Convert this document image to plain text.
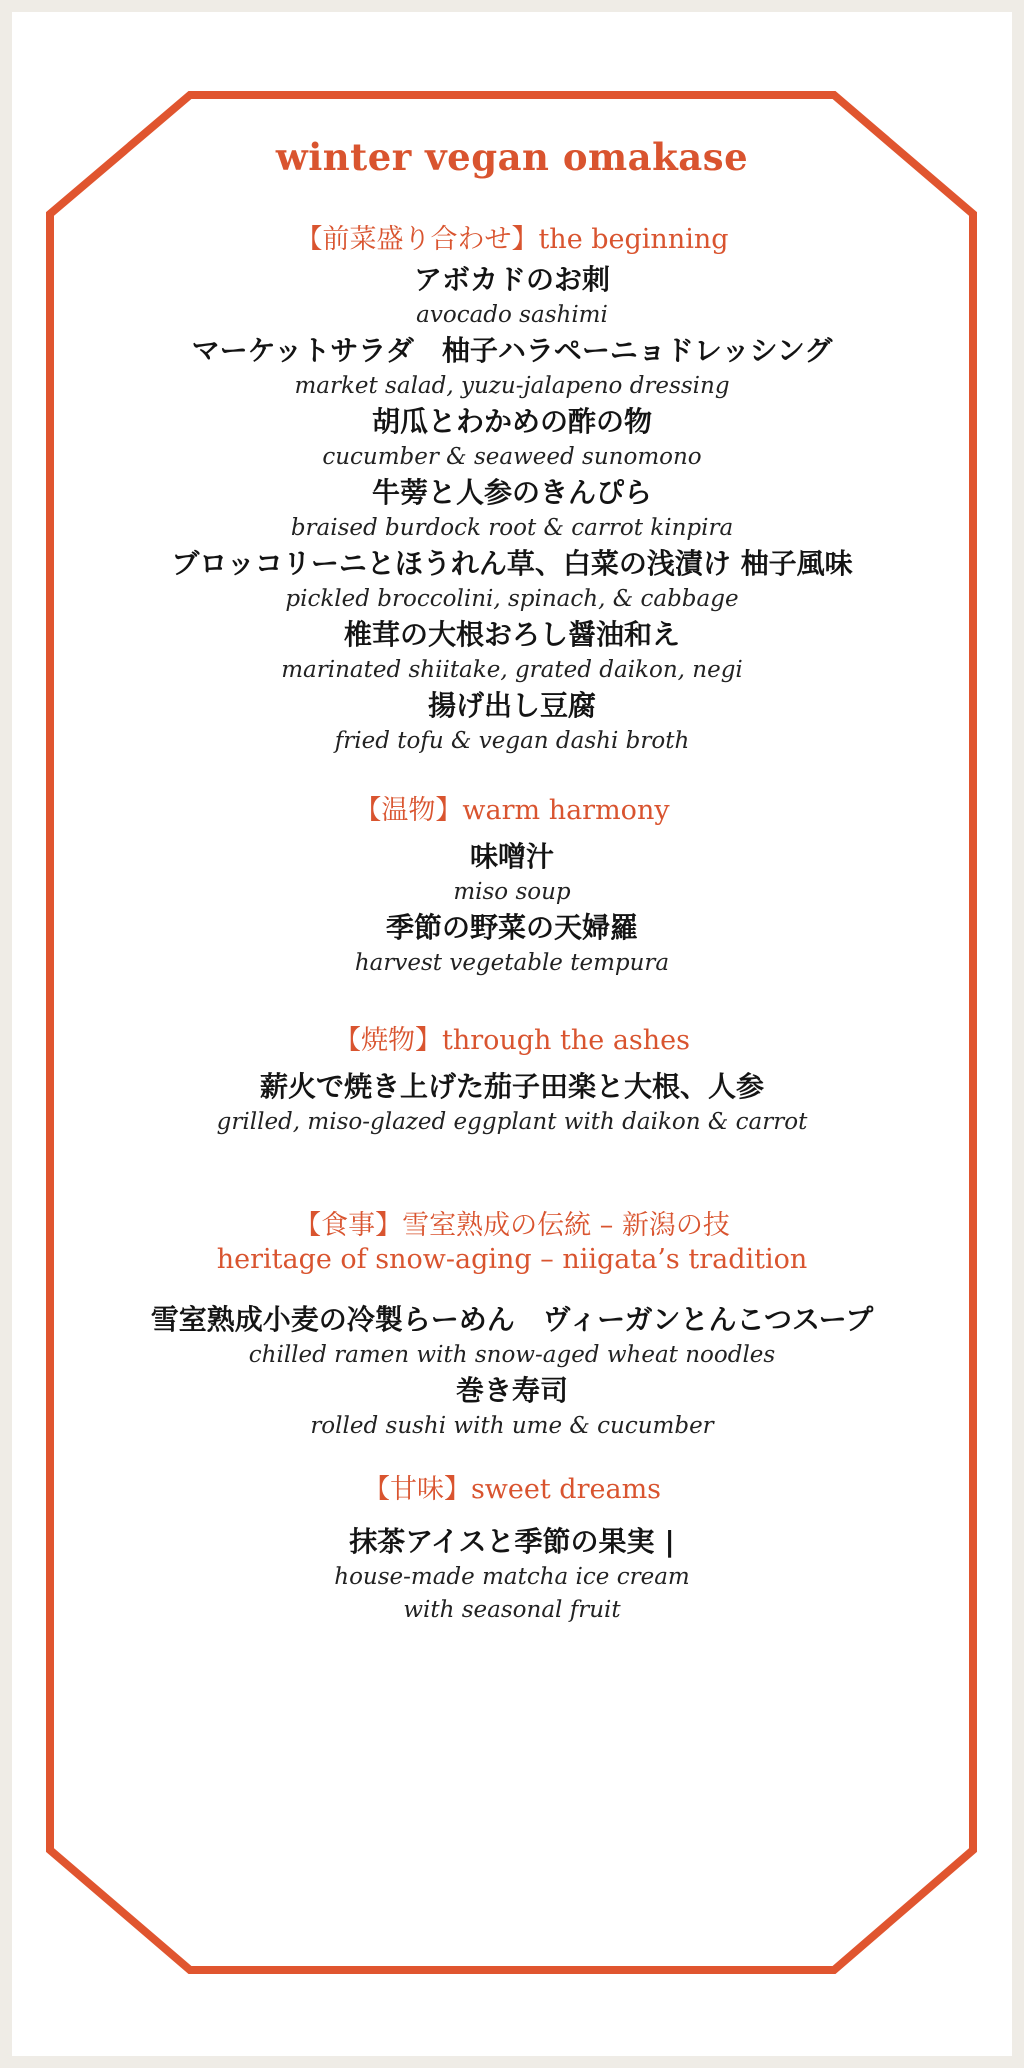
winter vegan omakase
【前菜盛り合わせ】the beginning
アボカドのお刺
avocado sashimi
マーケットサラダ　柚子ハラペーニョドレッシング
market salad, yuzu-jalapeno dressing
胡瓜とわかめの酢の物
cucumber & seaweed sunomono
牛蒡と人参のきんぴら
braised burdock root & carrot kinpira
ブロッコリーニとほうれん草、白菜の浅漬け 柚子風味
pickled broccolini, spinach, & cabbage
椎茸の大根おろし醤油和え
marinated shiitake, grated daikon, negi
揚げ出し豆腐
fried tofu & vegan dashi broth
【温物】warm harmony
味噌汁
miso soup
季節の野菜の天婦羅
harvest vegetable tempura
【焼物】through the ashes
薪火で焼き上げた茄子田楽と大根、人参
grilled, miso-glazed eggplant with daikon & carrot
【食事】雪室熟成の伝統 – 新潟の技
heritage of snow-aging – niigata’s tradition
雪室熟成小麦の冷製らーめん　ヴィーガンとんこつスープ
chilled ramen with snow-aged wheat noodles
巻き寿司
rolled sushi with ume & cucumber
【甘味】sweet dreams
抹茶アイスと季節の果実 |
house-made matcha ice cream
with seasonal fruit
